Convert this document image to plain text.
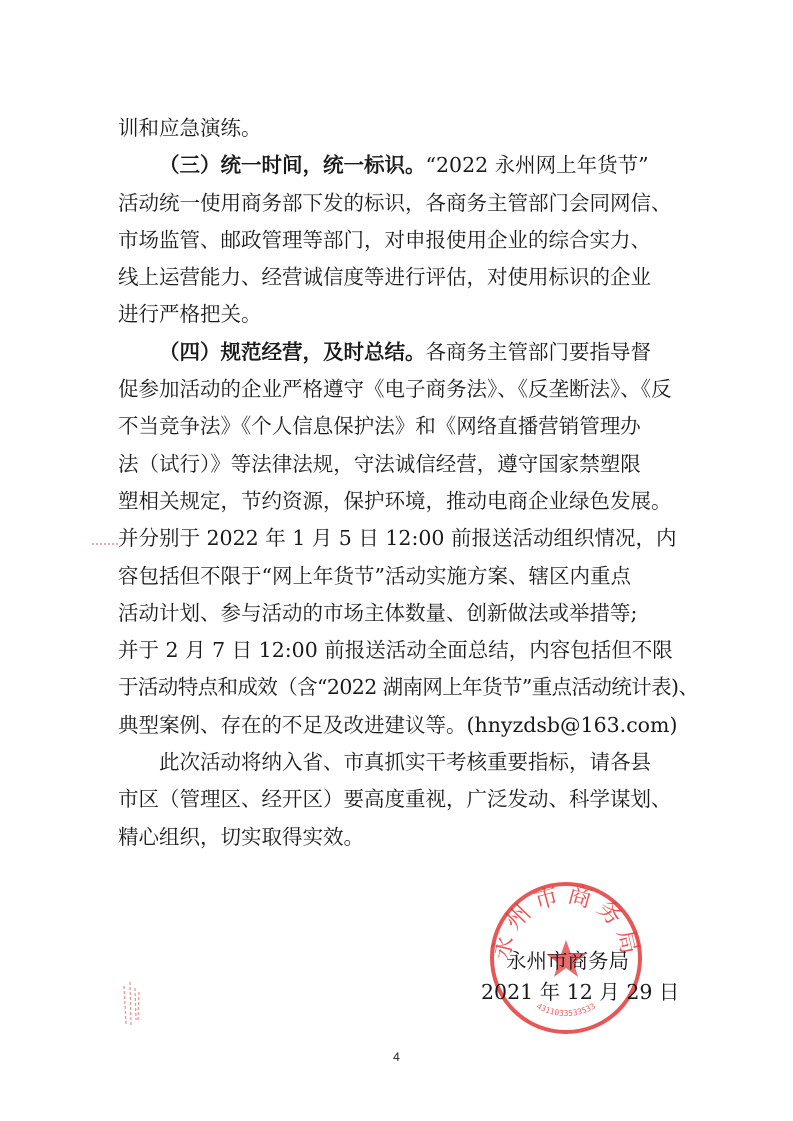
训和应急演练。
（三）统一时间，统一标识。“2022 永州网上年货节”
活动统一使用商务部下发的标识，各商务主管部门会同网信、
市场监管、邮政管理等部门，对申报使用企业的综合实力、
线上运营能力、经营诚信度等进行评估，对使用标识的企业
进行严格把关。
（四）规范经营，及时总结。各商务主管部门要指导督
促参加活动的企业严格遵守《电子商务法》、《反垄断法》、《反
不当竞争法》《个人信息保护法》和《网络直播营销管理办
法（试行）》等法律法规，守法诚信经营，遵守国家禁塑限
塑相关规定，节约资源，保护环境，推动电商企业绿色发展。
并分别于 2022 年 1 月 5 日 12:00 前报送活动组织情况，内
容包括但不限于“网上年货节”活动实施方案、辖区内重点
活动计划、参与活动的市场主体数量、创新做法或举措等;
并于 2 月 7 日 12:00 前报送活动全面总结，内容包括但不限
于活动特点和成效（含“2022 湖南网上年货节”重点活动统计表)、
典型案例、存在的不足及改进建议等。(hnyzdsb@163.com)
此次活动将纳入省、市真抓实干考核重要指标，请各县
市区（管理区、经开区）要高度重视，广泛发动、科学谋划、
精心组织，切实取得实效。
永州市商务局
4311033533533
永州市商务局
2021 年 12 月 29 日
4
